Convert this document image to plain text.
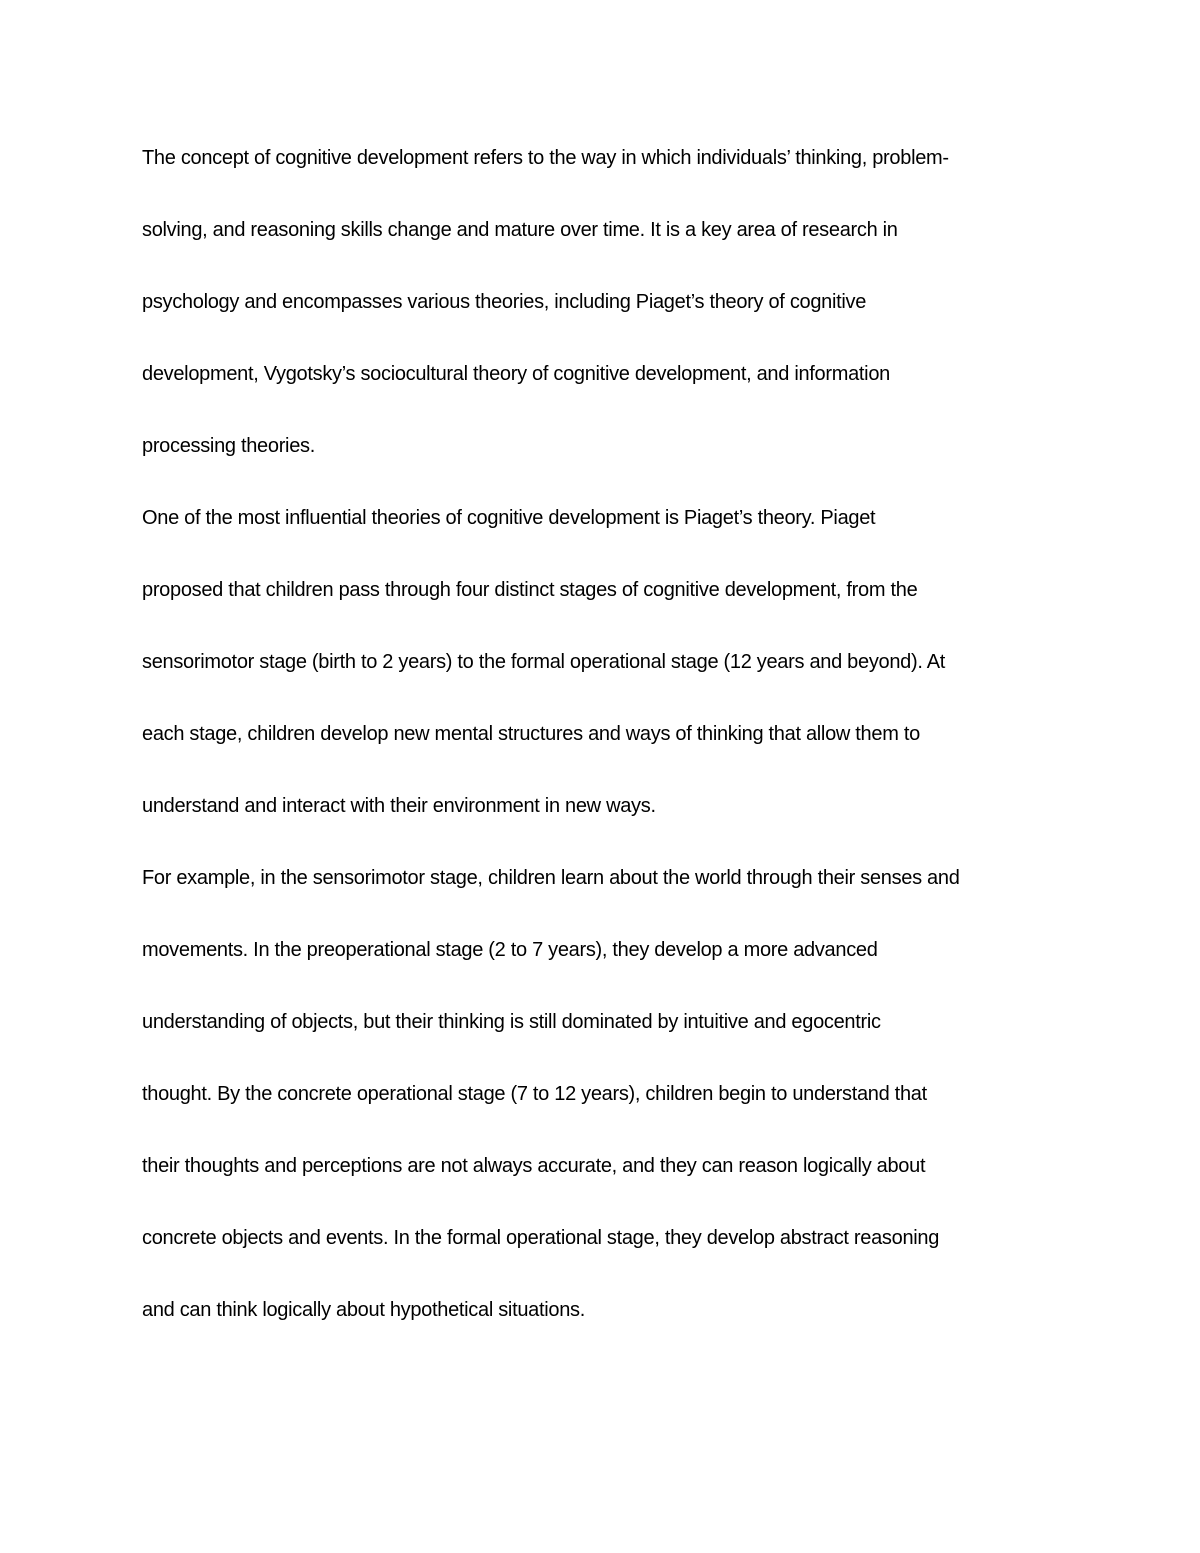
The concept of cognitive development refers to the way in which individuals’ thinking, problem-
solving, and reasoning skills change and mature over time. It is a key area of research in
psychology and encompasses various theories, including Piaget’s theory of cognitive
development, Vygotsky’s sociocultural theory of cognitive development, and information
processing theories.
One of the most influential theories of cognitive development is Piaget’s theory. Piaget
proposed that children pass through four distinct stages of cognitive development, from the
sensorimotor stage (birth to 2 years) to the formal operational stage (12 years and beyond). At
each stage, children develop new mental structures and ways of thinking that allow them to
understand and interact with their environment in new ways.
For example, in the sensorimotor stage, children learn about the world through their senses and
movements. In the preoperational stage (2 to 7 years), they develop a more advanced
understanding of objects, but their thinking is still dominated by intuitive and egocentric
thought. By the concrete operational stage (7 to 12 years), children begin to understand that
their thoughts and perceptions are not always accurate, and they can reason logically about
concrete objects and events. In the formal operational stage, they develop abstract reasoning
and can think logically about hypothetical situations.
